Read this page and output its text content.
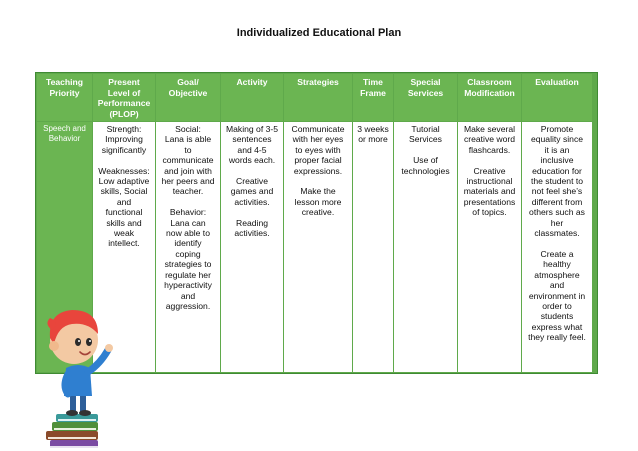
Individualized Educational Plan
Teaching
Priority
Speech and
Behavior
Present
Level of
Performance
(PLOP)
Strength:
Improving
significantly

Weaknesses:
Low adaptive
skills, Social
and
functional
skills and
weak
intellect.
Goal/
Objective
Social:
Lana is able
to
communicate
and join with
her peers and
teacher.

Behavior:
Lana can
now able to
identify
coping
strategies to
regulate her
hyperactivity
and
aggression.
Activity
Making of 3-5
sentences
and 4-5
words each.

Creative
games and
activities.

Reading
activities.
Strategies
Communicate
with her eyes
to eyes with
proper facial
expressions.

Make the
lesson more
creative.
Time
Frame
3 weeks
or more
Special
Services
Tutorial
Services

Use of
technologies
Classroom
Modification
Make several
creative word
flashcards.

Creative
instructional
materials and
presentations
of topics.
Evaluation
Promote
equality since
it is an
inclusive
education for
the student to
not feel she’s
different from
others such as
her
classmates.

Create a
healthy
atmosphere
and
environment in
order to
students
express what
they really feel.
